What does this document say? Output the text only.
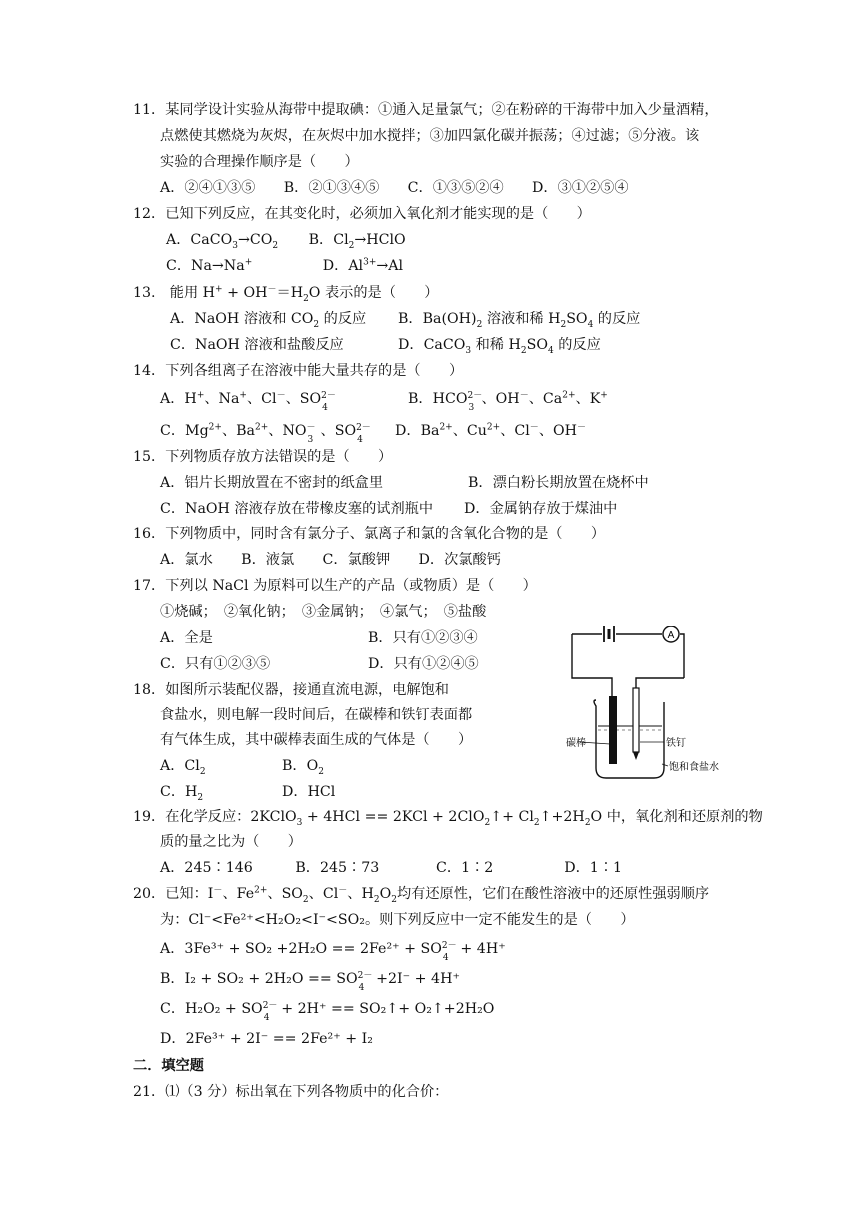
11．某同学设计实验从海带中提取碘：①通入足量氯气；②在粉碎的干海带中加入少量酒精，
点燃使其燃烧为灰烬，在灰烬中加水搅拌；③加四氯化碳并振荡；④过滤；⑤分液。该
实验的合理操作顺序是（　　）
A．②④①③⑤　　B．②①③④⑤　　C．①③⑤②④　　D．③①②⑤④
12．已知下列反应，在其变化时，必须加入氧化剂才能实现的是（　　）
A．$CaCO_3\to CO_2$ B．$Cl_2\to HClO$
C．Na→Na+	D．$Al^{3+}\to Al$
13.　能用 $H^+ + OH^-=H_2O$ 表示的是（　　）
A．NaOH 溶液和 $CO_2$ 的反应 B．$Ba(OH)_2$ 溶液和稀 $H_2SO_4$ 的反应
C．NaOH 溶液和盐酸反应	D．CaCO$_3$ 和稀 $H_2SO_4$ 的反应
14．下列各组离子在溶液中能大量共存的是（　　）
A．H+、Na+、Cl－、SO 2－
4
B．HCO 2－
3
、OH－、$Ca^{2+}$、K+
C．$Mg^{2+}$、$Ba^{2+}$、NO －
3
、SO 2－
4
D．$Ba^{2+}$、$Cu^{2+}$、Cl－、OH－
15．下列物质存放方法错误的是（　　）
A．铝片长期放置在不密封的纸盒里	B．漂白粉长期放置在烧杯中
C．NaOH 溶液存放在带橡皮塞的试剂瓶中 D．金属钠存放于煤油中
16．下列物质中，同时含有氯分子、氯离子和氯的含氧化合物的是（　　）
A．氯水　　B．液氯　　C．氯酸钾　　D．次氯酸钙
17．下列以 NaCl 为原料可以生产的产品（或物质）是（　　）
①烧碱；　②氧化钠；　③金属钠；　④氯气；　⑤盐酸
A．全是	B．只有①②③④
C．只有①②③⑤	D．只有①②④⑤
18．如图所示装配仪器，接通直流电源，电解饱和
食盐水，则电解一段时间后，在碳棒和铁钉表面都
有气体生成，其中碳棒表面生成的气体是（　　）
A．$Cl_2$	B．$O_2$
C．$H_2$	D．HCl
A
碳棒	铁钉
饱和食盐水
19．在化学反应：2KClO$_3$ + 4HCl == 2KCl + 2ClO$_2$↑+ $Cl_2↑+2H_2O$ 中，氧化剂和还原剂的物
质的量之比为（　　）
A．245∶146　　　B．245∶73　　　　C．1∶2　　　　　D．1∶1
20．已知：I－、$Fe^{2+}$、$SO_2$、Cl－、$H_2O_2$均有还原性，它们在酸性溶液中的还原性强弱顺序
为：Cl⁻<Fe²⁺<H₂O₂<I⁻<SO₂。则下列反应中一定不能发生的是（　　）
A．3Fe³⁺ + SO₂ +2H₂O == 2Fe²⁺ + SO 2－
4
+ 4H⁺
B．I₂ + SO₂ + 2H₂O == SO 2－
4
+2I⁻ + 4H⁺
C．H₂O₂ + SO 2－
4
+ 2H⁺ == SO₂↑+ O₂↑+2H₂O
D．2Fe³⁺ + 2I⁻ == 2Fe²⁺ + I₂
二．填空题
21．⑴（3 分）标出氧在下列各物质中的化合价：
